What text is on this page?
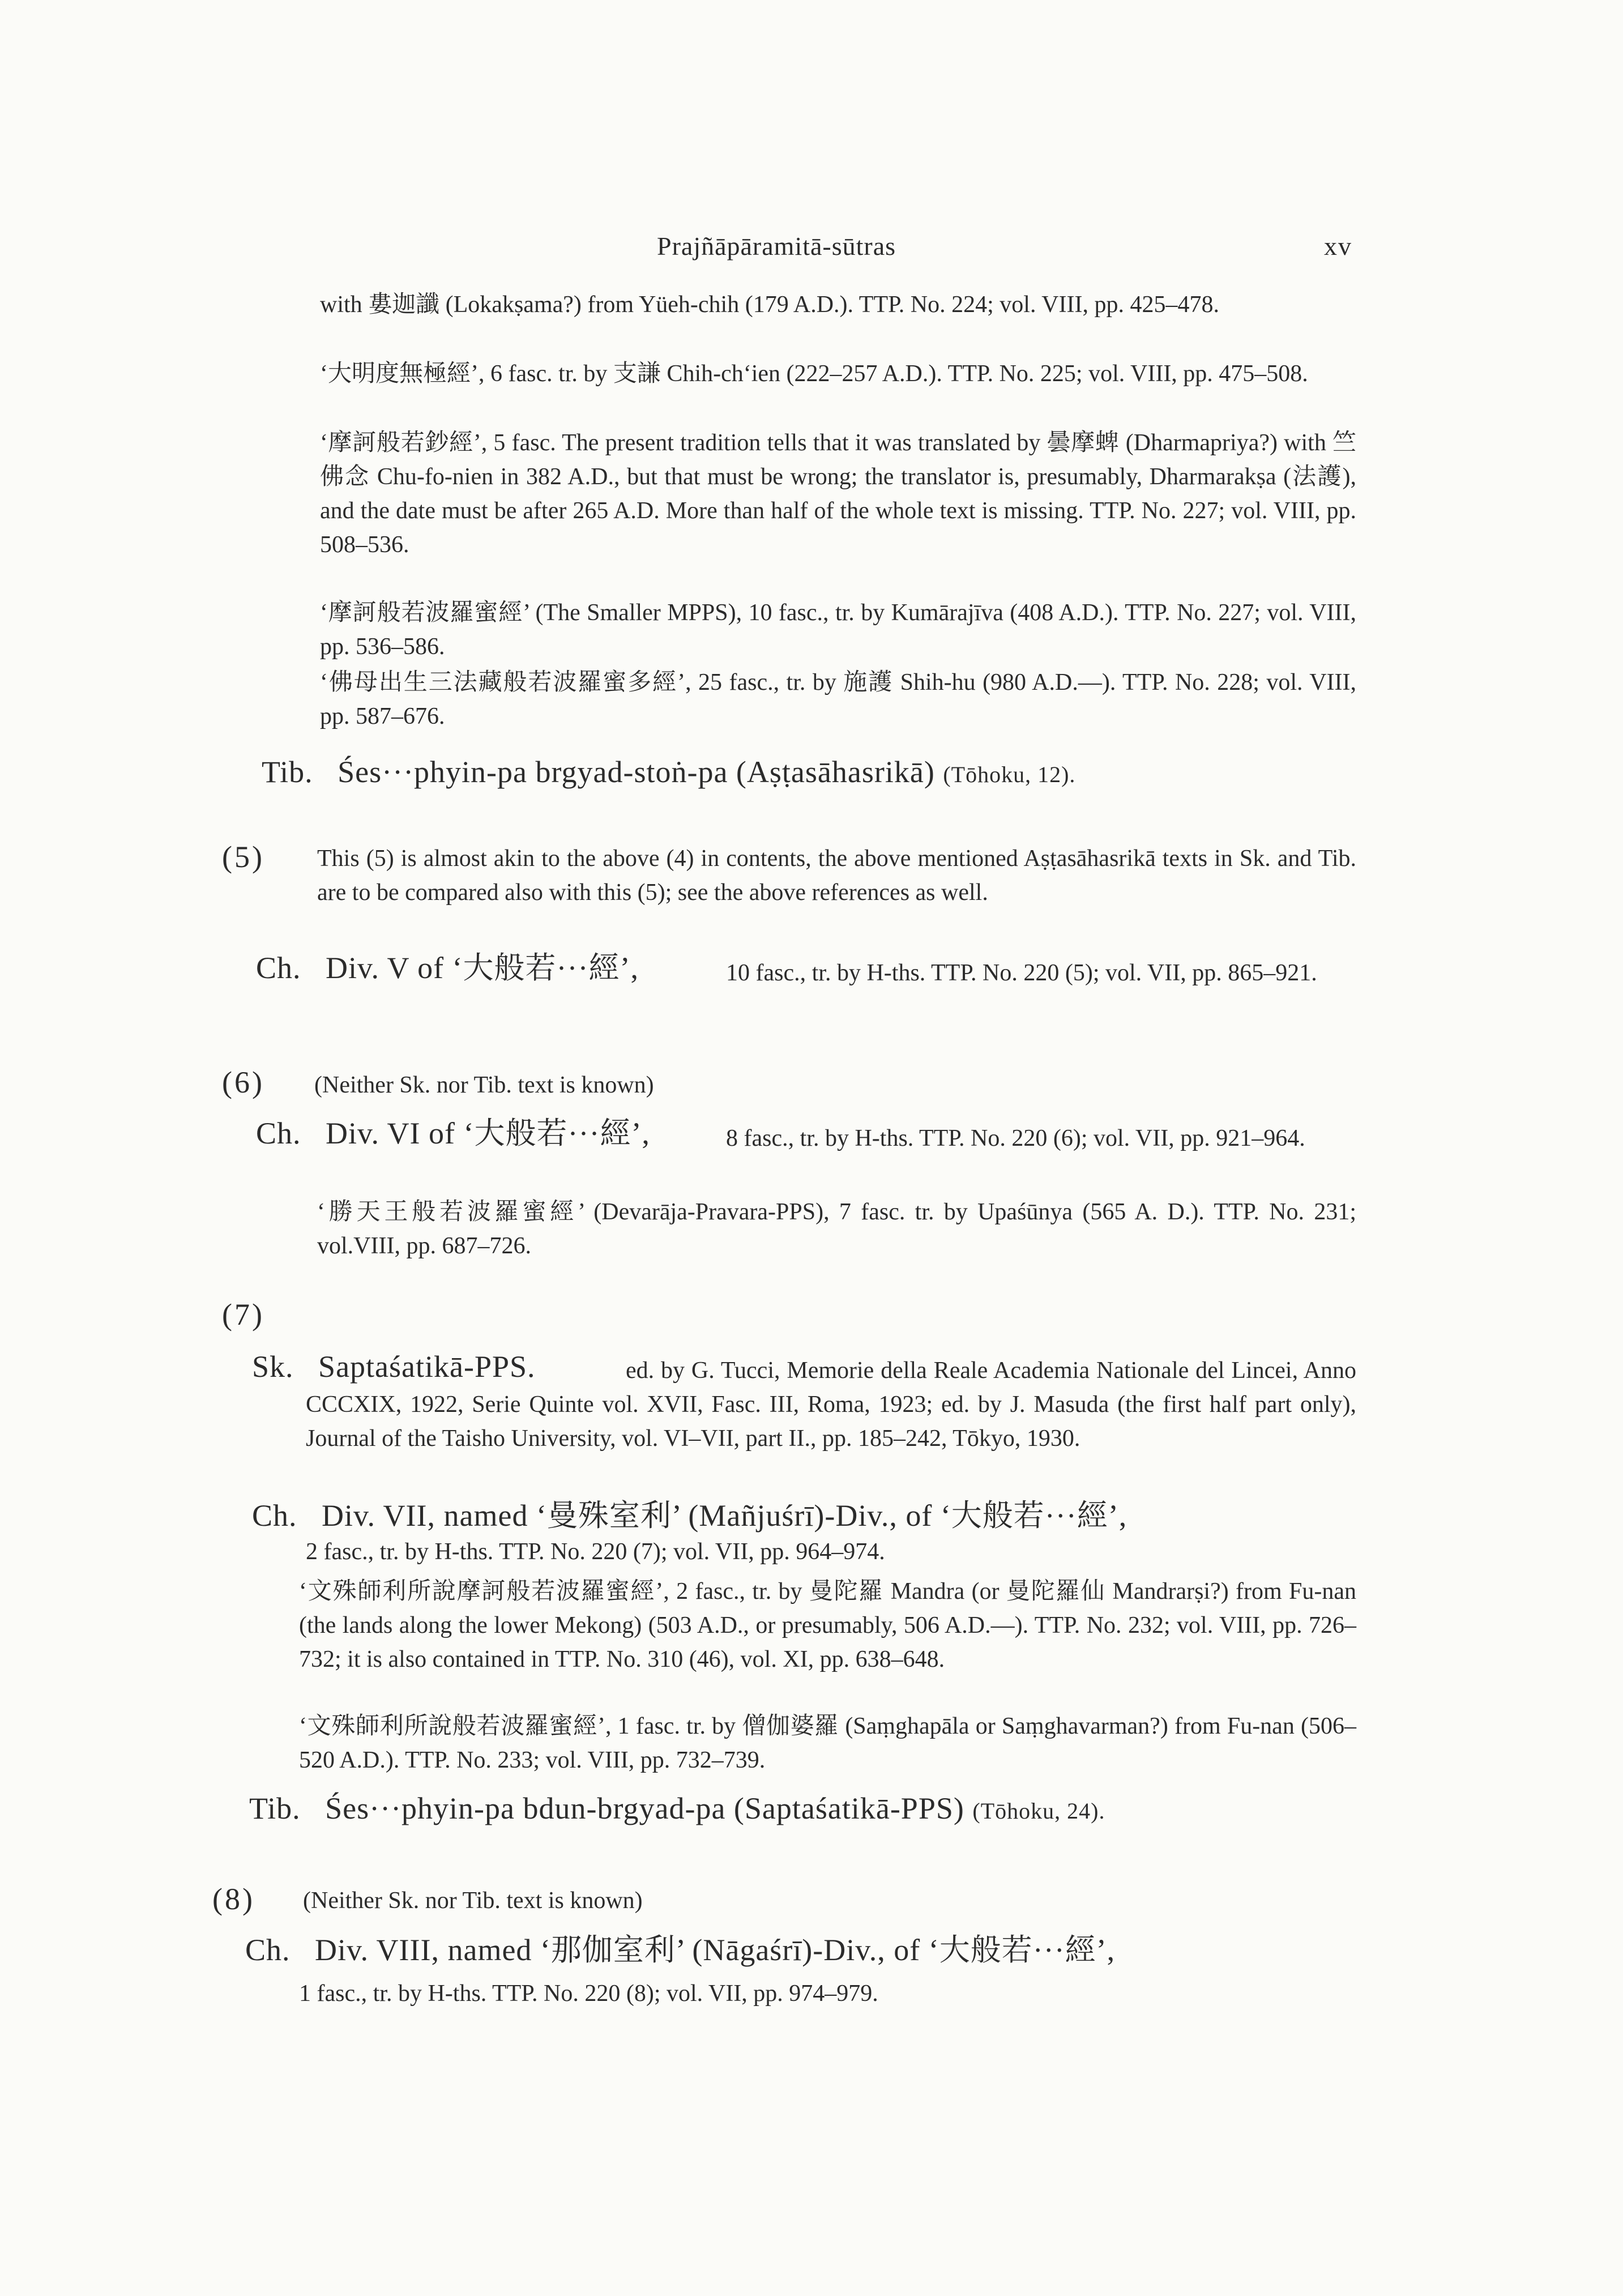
Prajñāpāramitā-sūtras	xv

with 婁迦讖 (Lokakṣama?) from Yüeh-chih (179 A.D.). TTP. No. 224; vol. VIII, pp. 425–478.

‘大明度無極經’, 6 fasc. tr. by 支謙 Chih-ch‘ien (222–257 A.D.). TTP. No. 225; vol. VIII, pp. 475–508.

‘摩訶般若鈔經’, 5 fasc. The present tradition tells that it was translated by 曇摩蜱 (Dharmapriya?) with 竺佛念 Chu-fo-nien in 382 A.D., but that must be wrong; the translator is, presumably, Dharmarakṣa (法護), and the date must be after 265 A.D. More than half of the whole text is missing. TTP. No. 227; vol. VIII, pp. 508–536.

‘摩訶般若波羅蜜經’ (The Smaller MPPS), 10 fasc., tr. by Kumārajīva (408 A.D.). TTP. No. 227; vol. VIII, pp. 536–586.

‘佛母出生三法藏般若波羅蜜多經’, 25 fasc., tr. by 施護 Shih-hu (980 A.D.—). TTP. No. 228; vol. VIII, pp. 587–676.

Tib. Śes···phyin-pa brgyad-stoṅ-pa (Aṣṭasāhasrikā) (Tōhoku, 12).
(5) This (5) is almost akin to the above (4) in contents, the above mentioned Aṣṭasāhasrikā texts in Sk. and Tib. are to be compared also with this (5); see the above references as well.

Ch. Div. V of ‘大般若···經’,	10 fasc., tr. by H-ths. TTP. No. 220 (5); vol. VII, pp. 865–921.

(6) (Neither Sk. nor Tib. text is known)

Ch. Div. VI of ‘大般若···經’,	8 fasc., tr. by H-ths. TTP. No. 220 (6); vol. VII, pp. 921–964.

‘勝天王般若波羅蜜經’ (Devarāja-Pravara-PPS), 7 fasc. tr. by Upaśūnya (565 A. D.). TTP. No. 231; vol.VIII, pp. 687–726.

(7)
Sk. Saptaśatikā-PPS.	ed. by G. Tucci, Memorie della Reale Academia Nationale del Lincei, Anno CCCXIX, 1922, Serie Quinte vol. XVII, Fasc. III, Roma, 1923; ed. by J. Masuda (the first half part only), Journal of the Taisho University, vol. VI–VII, part II., pp. 185–242, Tōkyo, 1930.

Ch. Div. VII, named ‘曼殊室利’ (Mañjuśrī)-Div., of ‘大般若···經’,

2 fasc., tr. by H-ths. TTP. No. 220 (7); vol. VII, pp. 964–974.

‘文殊師利所說摩訶般若波羅蜜經’, 2 fasc., tr. by 曼陀羅 Mandra (or 曼陀羅仙 Mandrarṣi?) from Fu-nan (the lands along the lower Mekong) (503 A.D., or presumably, 506 A.D.—). TTP. No. 232; vol. VIII, pp. 726–732; it is also contained in TTP. No. 310 (46), vol. XI, pp. 638–648.

‘文殊師利所說般若波羅蜜經’, 1 fasc. tr. by 僧伽婆羅 (Saṃghapāla or Saṃghavarman?) from Fu-nan (506–520 A.D.). TTP. No. 233; vol. VIII, pp. 732–739.

Tib. Śes···phyin-pa bdun-brgyad-pa (Saptaśatikā-PPS) (Tōhoku, 24).
(8) (Neither Sk. nor Tib. text is known)

Ch. Div. VIII, named ‘那伽室利’ (Nāgaśrī)-Div., of ‘大般若···經’,

1 fasc., tr. by H-ths. TTP. No. 220 (8); vol. VII, pp. 974–979.
